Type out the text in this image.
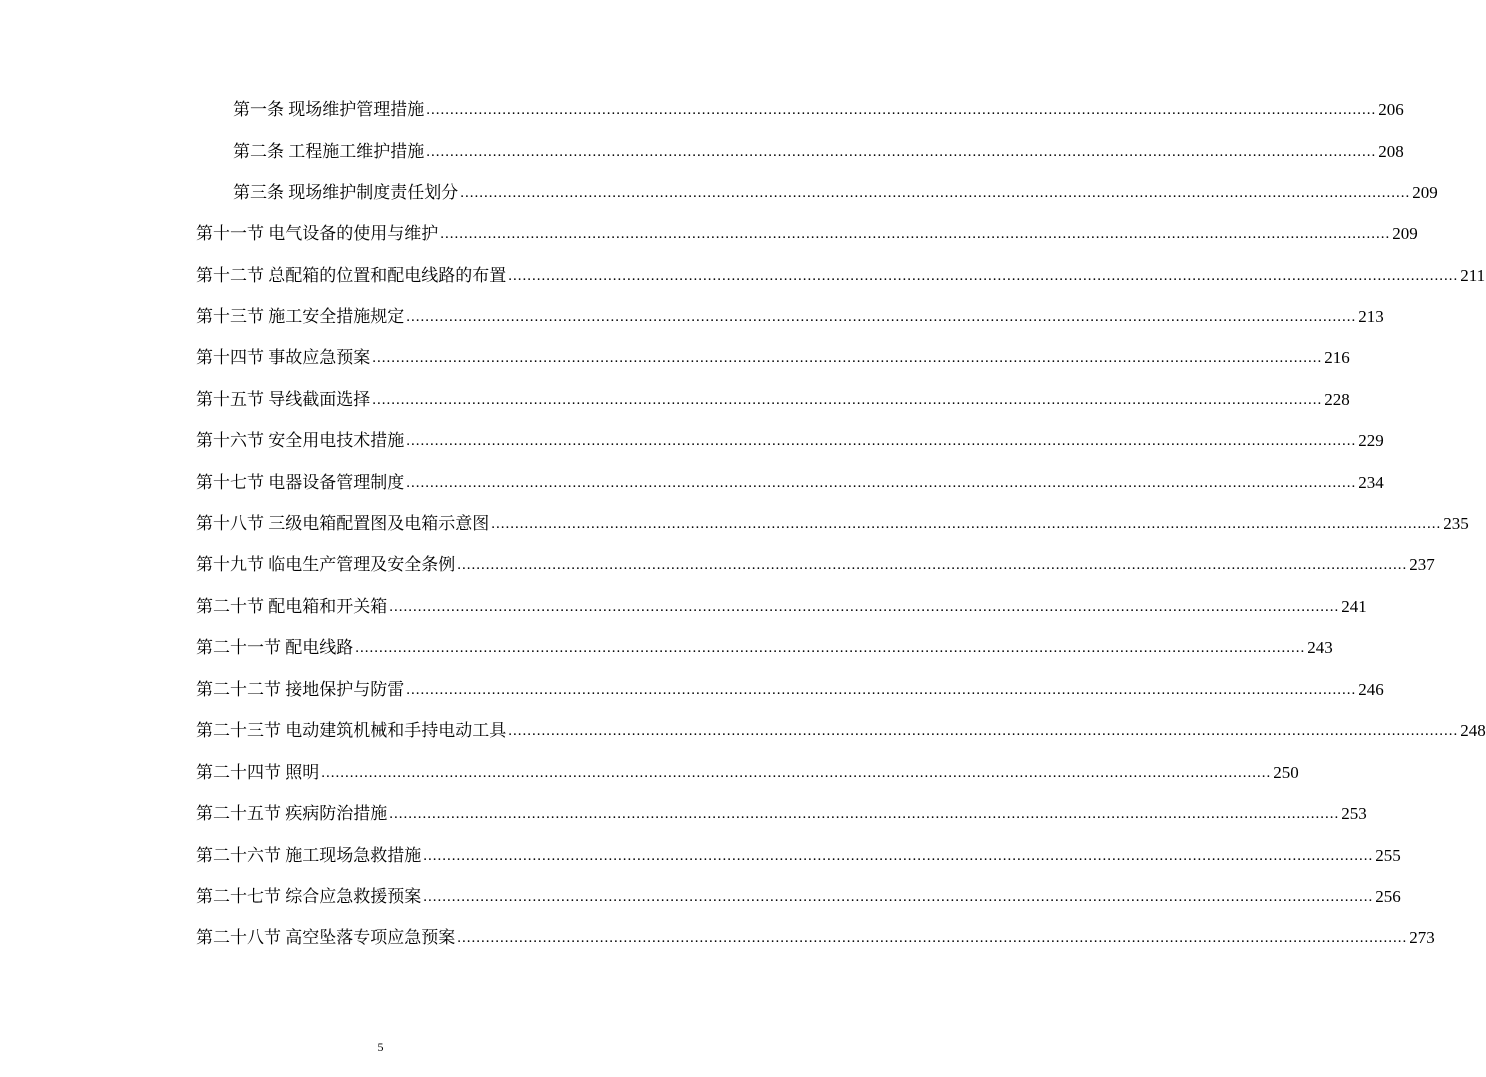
第一条 现场维护管理措施 ........................................................................................................................................................................................................ 206
第二条 工程施工维护措施 ........................................................................................................................................................................................................ 208
第三条 现场维护制度责任划分 ........................................................................................................................................................................................................ 209
第十一节 电气设备的使用与维护 ........................................................................................................................................................................................................ 209
第十二节 总配箱的位置和配电线路的布置 ........................................................................................................................................................................................................ 211
第十三节 施工安全措施规定 ........................................................................................................................................................................................................ 213
第十四节 事故应急预案 ........................................................................................................................................................................................................ 216
第十五节 导线截面选择 ........................................................................................................................................................................................................ 228
第十六节 安全用电技术措施 ........................................................................................................................................................................................................ 229
第十七节 电器设备管理制度 ........................................................................................................................................................................................................ 234
第十八节 三级电箱配置图及电箱示意图 ........................................................................................................................................................................................................ 235
第十九节 临电生产管理及安全条例 ........................................................................................................................................................................................................ 237
第二十节 配电箱和开关箱 ........................................................................................................................................................................................................ 241
第二十一节 配电线路 ........................................................................................................................................................................................................ 243
第二十二节 接地保护与防雷 ........................................................................................................................................................................................................ 246
第二十三节 电动建筑机械和手持电动工具 ........................................................................................................................................................................................................ 248
第二十四节 照明 ........................................................................................................................................................................................................ 250
第二十五节 疾病防治措施 ........................................................................................................................................................................................................ 253
第二十六节 施工现场急救措施 ........................................................................................................................................................................................................ 255
第二十七节 综合应急救援预案 ........................................................................................................................................................................................................ 256
第二十八节 高空坠落专项应急预案 ........................................................................................................................................................................................................ 273
5
